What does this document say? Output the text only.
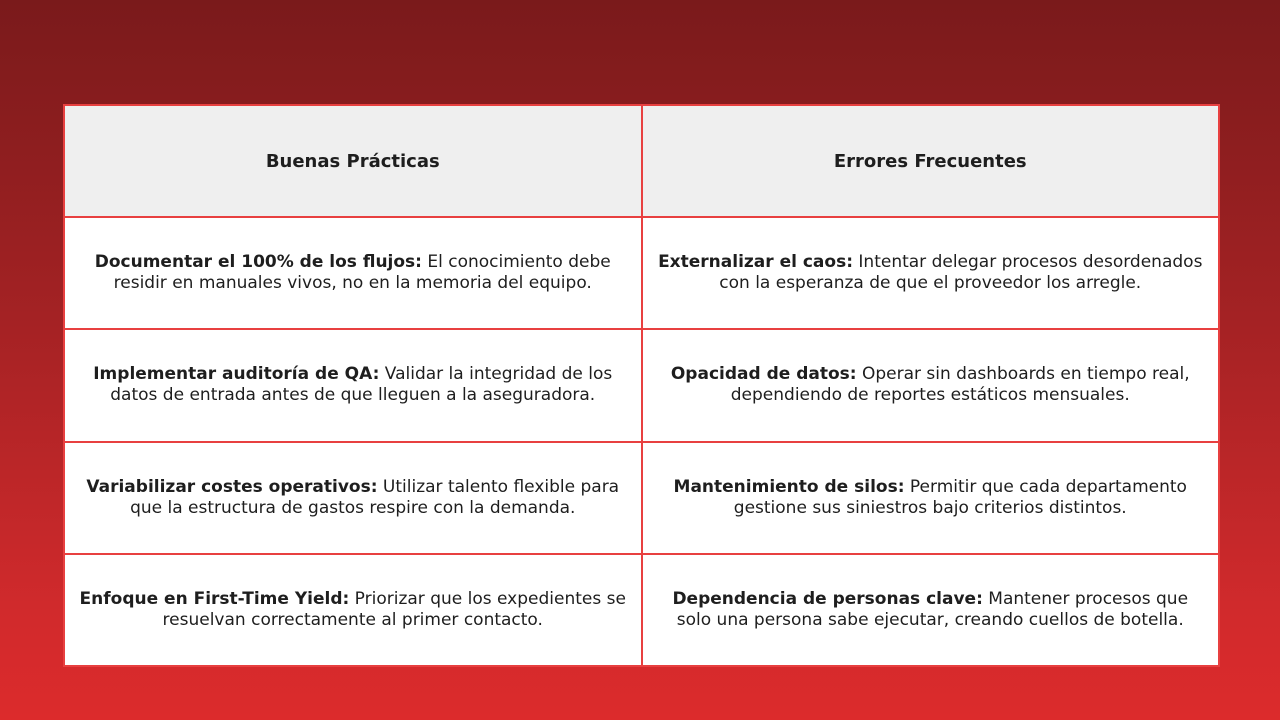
Buenas Prácticas	Errores Frecuentes
Documentar el 100% de los flujos: El conocimiento debe residir en manuales vivos, no en la memoria del equipo.	Externalizar el caos: Intentar delegar procesos desordenados con la esperanza de que el proveedor los arregle.
Implementar auditoría de QA: Validar la integridad de los datos de entrada antes de que lleguen a la aseguradora.	Opacidad de datos: Operar sin dashboards en tiempo real, dependiendo de reportes estáticos mensuales.
Variabilizar costes operativos: Utilizar talento flexible para que la estructura de gastos respire con la demanda.	Mantenimiento de silos: Permitir que cada departamento gestione sus siniestros bajo criterios distintos.
Enfoque en First-Time Yield: Priorizar que los expedientes se resuelvan correctamente al primer contacto.	Dependencia de personas clave: Mantener procesos que solo una persona sabe ejecutar, creando cuellos de botella.
